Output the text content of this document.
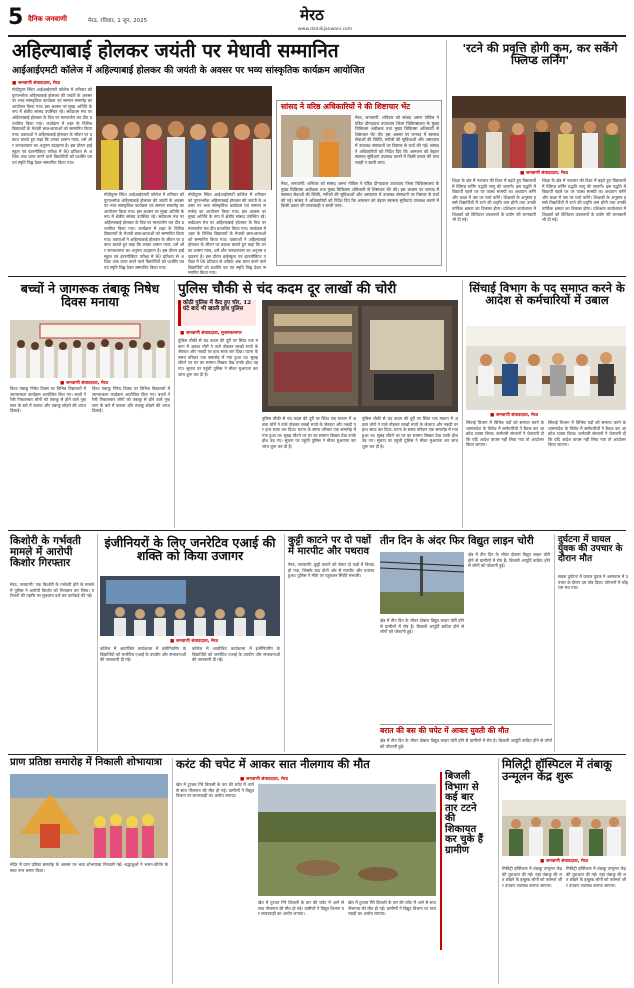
5 दैनिक जनवाणी	मेरठ, रविवार, 1 जून, 2025	मेरठ
www.dainikjanwani.com
अहिल्याबाई होलकर जयंती पर मेधावी सम्मानित
आईआईएमटी कॉलेज में अहिल्याबाई होलकर की जयंती के अवसर पर भव्य सांस्कृतिक कार्यक्रम आयोजित
■ जनवाणी संवाददाता, मेरठ
मोदीपुरम स्थित आईआईएमटी कॉलेज में शनिवार को पुण्यश्लोक अहिल्याबाई होलकर की जयंती के अवसर पर भव्य सांस्कृतिक कार्यक्रम एवं सम्मान समारोह का आयोजन किया गया। इस अवसर पर मुख्य अतिथि के रूप में क्षेत्रीय सांसद उपस्थित रहे। सर्वप्रथम मंच पर अहिल्याबाई होलकर के चित्र पर माल्यार्पण कर दीप प्रज्वलित किया गया। कार्यक्रम में शहर के विभिन्न विद्यालयों के मेधावी छात्र-छात्राओं को सम्मानित किया गया। वक्ताओं ने अहिल्याबाई होलकर के जीवन पर प्रकाश डालते हुए कहा कि उनका शासन न्याय, धर्म और जनकल्याण का अनुपम उदाहरण है। इस दौरान हाईस्कूल एवं इंटरमीडिएट परीक्षा में 90 प्रतिशत से अधिक अंक प्राप्त करने वाले विद्यार्थियों को प्रशस्ति पत्र एवं स्मृति चिह्न देकर सम्मानित किया गया।
मोदीपुरम स्थित आईआईएमटी कॉलेज में शनिवार को पुण्यश्लोक अहिल्याबाई होलकर की जयंती के अवसर पर भव्य सांस्कृतिक कार्यक्रम एवं सम्मान समारोह का आयोजन किया गया। इस अवसर पर मुख्य अतिथि के रूप में क्षेत्रीय सांसद उपस्थित रहे। सर्वप्रथम मंच पर अहिल्याबाई होलकर के चित्र पर माल्यार्पण कर दीप प्रज्वलित किया गया। कार्यक्रम में शहर के विभिन्न विद्यालयों के मेधावी छात्र-छात्राओं को सम्मानित किया गया। वक्ताओं ने अहिल्याबाई होलकर के जीवन पर प्रकाश डालते हुए कहा कि उनका शासन न्याय, धर्म और जनकल्याण का अनुपम उदाहरण है। इस दौरान हाईस्कूल एवं इंटरमीडिएट परीक्षा में 90 प्रतिशत से अधिक अंक प्राप्त करने वाले विद्यार्थियों को प्रशस्ति पत्र एवं स्मृति चिह्न देकर सम्मानित किया गया।
मोदीपुरम स्थित आईआईएमटी कॉलेज में शनिवार को पुण्यश्लोक अहिल्याबाई होलकर की जयंती के अवसर पर भव्य सांस्कृतिक कार्यक्रम एवं सम्मान समारोह का आयोजन किया गया। इस अवसर पर मुख्य अतिथि के रूप में क्षेत्रीय सांसद उपस्थित रहे। सर्वप्रथम मंच पर अहिल्याबाई होलकर के चित्र पर माल्यार्पण कर दीप प्रज्वलित किया गया। कार्यक्रम में शहर के विभिन्न विद्यालयों के मेधावी छात्र-छात्राओं को सम्मानित किया गया। वक्ताओं ने अहिल्याबाई होलकर के जीवन पर प्रकाश डालते हुए कहा कि उनका शासन न्याय, धर्म और जनकल्याण का अनुपम उदाहरण है। इस दौरान हाईस्कूल एवं इंटरमीडिएट परीक्षा में 90 प्रतिशत से अधिक अंक प्राप्त करने वाले विद्यार्थियों को प्रशस्ति पत्र एवं स्मृति चिह्न देकर सम्मानित किया गया।
सांसद ने वरिष्ठ अधिकारियों ने की शिष्टाचार भेंट
मेरठ, जनवाणी: शनिवार को सांसद अरुण गोविल ने पंडित दीनदयाल उपाध्याय जिला चिकित्सालय के मुख्य चिकित्सा अधीक्षक तथा मुख्य चिकित्सा अधिकारी से शिष्टाचार भेंट की। इस अवसर पर जनपद में स्वास्थ्य सेवाओं की स्थिति, मरीजों की सुविधाओं और अस्पताल में उपलब्ध संसाधनों पर विस्तार से चर्चा की गई। सांसद ने अधिकारियों को निर्देश दिए कि आमजन को बेहतर स्वास्थ्य सुविधाएं उपलब्ध कराने में किसी प्रकार की लापरवाही न बरती जाए।
मेरठ, जनवाणी: शनिवार को सांसद अरुण गोविल ने पंडित दीनदयाल उपाध्याय जिला चिकित्सालय के मुख्य चिकित्सा अधीक्षक तथा मुख्य चिकित्सा अधिकारी से शिष्टाचार भेंट की। इस अवसर पर जनपद में स्वास्थ्य सेवाओं की स्थिति, मरीजों की सुविधाओं और अस्पताल में उपलब्ध संसाधनों पर विस्तार से चर्चा की गई। सांसद ने अधिकारियों को निर्देश दिए कि आमजन को बेहतर स्वास्थ्य सुविधाएं उपलब्ध कराने में किसी प्रकार की लापरवाही न बरती जाए।
'रटने की प्रवृत्ति होगी कम, कर सकेंगे फ्लिप्ड लर्निंग'
■ जनवाणी संवाददाता, मेरठ
शिक्षा के क्षेत्र में नवाचार की दिशा में बढ़ते हुए विद्यालयों में फ्लिप्ड लर्निंग पद्धति लागू की जाएगी। इस पद्धति में विद्यार्थी पहले घर पर पाठ्य सामग्री का अध्ययन करेंगे और कक्षा में उस पर चर्चा करेंगे। शिक्षकों के अनुसार इससे विद्यार्थियों में रटने की प्रवृत्ति कम होगी तथा उनकी तार्किक क्षमता का विकास होगा। प्रशिक्षण कार्यशाला में शिक्षकों को डिजिटल उपकरणों के प्रयोग की जानकारी भी दी गई।
शिक्षा के क्षेत्र में नवाचार की दिशा में बढ़ते हुए विद्यालयों में फ्लिप्ड लर्निंग पद्धति लागू की जाएगी। इस पद्धति में विद्यार्थी पहले घर पर पाठ्य सामग्री का अध्ययन करेंगे और कक्षा में उस पर चर्चा करेंगे। शिक्षकों के अनुसार इससे विद्यार्थियों में रटने की प्रवृत्ति कम होगी तथा उनकी तार्किक क्षमता का विकास होगा। प्रशिक्षण कार्यशाला में शिक्षकों को डिजिटल उपकरणों के प्रयोग की जानकारी भी दी गई।
बच्चों ने जागरूक तंबाकू निषेध दिवस मनाया
■ जनवाणी संवाददाता, मेरठ
विश्व तंबाकू निषेध दिवस पर विभिन्न विद्यालयों में जागरूकता कार्यक्रम आयोजित किए गए। बच्चों ने रैली निकालकर लोगों को तंबाकू से होने वाले नुकसान के बारे में बताया और तंबाकू छोड़ने की शपथ दिलाई।
विश्व तंबाकू निषेध दिवस पर विभिन्न विद्यालयों में जागरूकता कार्यक्रम आयोजित किए गए। बच्चों ने रैली निकालकर लोगों को तंबाकू से होने वाले नुकसान के बारे में बताया और तंबाकू छोड़ने की शपथ दिलाई।
पुलिस चौकी से चंद कदम दूर लाखों की चोरी
कोठी पुलिस में कैद हुए चोर, 12 घंटे बाद भी खाली हाथ पुलिस
■ जनवाणी संवाददाता, मुजफ्फरनगर
पुलिस चौकी से चंद कदम की दूरी पर स्थित एक मकान में अज्ञात चोरों ने ताले तोड़कर लाखों रुपये के जेवरात और नकदी पर हाथ साफ कर दिया। घटना के समय परिवार एक समारोह में गया हुआ था। सुबह लौटने पर घर का सामान बिखरा देख उनके होश उड़ गए। सूचना पर पहुंची पुलिस ने मौका मुआयना कर जांच शुरू कर दी है।
पुलिस चौकी से चंद कदम की दूरी पर स्थित एक मकान में अज्ञात चोरों ने ताले तोड़कर लाखों रुपये के जेवरात और नकदी पर हाथ साफ कर दिया। घटना के समय परिवार एक समारोह में गया हुआ था। सुबह लौटने पर घर का सामान बिखरा देख उनके होश उड़ गए। सूचना पर पहुंची पुलिस ने मौका मुआयना कर जांच शुरू कर दी है।
पुलिस चौकी से चंद कदम की दूरी पर स्थित एक मकान में अज्ञात चोरों ने ताले तोड़कर लाखों रुपये के जेवरात और नकदी पर हाथ साफ कर दिया। घटना के समय परिवार एक समारोह में गया हुआ था। सुबह लौटने पर घर का सामान बिखरा देख उनके होश उड़ गए। सूचना पर पहुंची पुलिस ने मौका मुआयना कर जांच शुरू कर दी है।
सिंचाई विभाग के पद समाप्त करने के आदेश से कर्मचारियों में उबाल
■ जनवाणी संवाददाता, मेरठ
सिंचाई विभाग में विभिन्न पदों को समाप्त करने के शासनादेश के विरोध में कर्मचारियों ने बैठक कर आक्रोश व्यक्त किया। कर्मचारी संगठनों ने चेतावनी दी कि यदि आदेश वापस नहीं लिया गया तो आंदोलन किया जाएगा।
सिंचाई विभाग में विभिन्न पदों को समाप्त करने के शासनादेश के विरोध में कर्मचारियों ने बैठक कर आक्रोश व्यक्त किया। कर्मचारी संगठनों ने चेतावनी दी कि यदि आदेश वापस नहीं लिया गया तो आंदोलन किया जाएगा।
किशोरी के गर्भवती मामले में आरोपी किशोर गिरफ्तार
मेरठ, जनवाणी: एक किशोरी के गर्भवती होने के मामले में पुलिस ने आरोपी किशोर को गिरफ्तार कर लिया। परिजनों की तहरीर पर मुकदमा दर्ज कर कार्रवाई की गई।
इंजीनियरों के लिए जनरेटिव एआई की शक्ति को किया उजागर
■ जनवाणी संवाददाता, मेरठ
कॉलेज में आयोजित कार्यशाला में इंजीनियरिंग के विद्यार्थियों को जनरेटिव एआई के उपयोग और संभावनाओं की जानकारी दी गई।
कॉलेज में आयोजित कार्यशाला में इंजीनियरिंग के विद्यार्थियों को जनरेटिव एआई के उपयोग और संभावनाओं की जानकारी दी गई।
कुट्टी काटने पर दो पक्षों में मारपीट और पथराव
मेरठ, जनवाणी: कुट्टी काटने को लेकर दो पक्षों में विवाद हो गया, जिसके बाद दोनों ओर से मारपीट और पथराव हुआ। पुलिस ने मौके पर पहुंचकर स्थिति संभाली।
तीन दिन के अंदर फिर विद्युत लाइन चोरी
क्षेत्र में तीन दिन के भीतर दोबारा विद्युत लाइन चोरी होने से ग्रामीणों में रोष है। बिजली आपूर्ति बाधित होने से लोगों को परेशानी हुई।
क्षेत्र में तीन दिन के भीतर दोबारा विद्युत लाइन चोरी होने से ग्रामीणों में रोष है। बिजली आपूर्ति बाधित होने से लोगों को परेशानी हुई।
बरात की बस की चपेट में आकर युवती की मौत
क्षेत्र में तीन दिन के भीतर दोबारा विद्युत लाइन चोरी होने से ग्रामीणों में रोष है। बिजली आपूर्ति बाधित होने से लोगों को परेशानी हुई।
दुर्घटना में घायल युवक की उपचार के दौरान मौत
सड़क दुर्घटना में घायल युवक ने अस्पताल में उपचार के दौरान दम तोड़ दिया। परिजनों में कोहराम मच गया।
प्राण प्रतिष्ठा समारोह में निकाली शोभायात्रा
मंदिर में प्राण प्रतिष्ठा समारोह के अवसर पर भव्य शोभायात्रा निकाली गई। श्रद्धालुओं ने भजन-कीर्तन के साथ नगर भ्रमण किया।
करंट की चपेट में आकर सात नीलगाय की मौत
■ जनवाणी संवाददाता, मेरठ
खेत में टूटकर गिरे बिजली के तार की चपेट में आने से सात नीलगाय की मौत हो गई। ग्रामीणों ने विद्युत विभाग पर लापरवाही का आरोप लगाया।
खेत में टूटकर गिरे बिजली के तार की चपेट में आने से सात नीलगाय की मौत हो गई। ग्रामीणों ने विद्युत विभाग पर लापरवाही का आरोप लगाया।
खेत में टूटकर गिरे बिजली के तार की चपेट में आने से सात नीलगाय की मौत हो गई। ग्रामीणों ने विद्युत विभाग पर लापरवाही का आरोप लगाया।
बिजली
विभाग से
कई बार
तार टटने
की
शिकायत
कर चुके हैं
ग्रामीण
मिलिट्री हॉस्पिटल में तंबाकू उन्मूलन केंद्र शुरू
■ जनवाणी संवाददाता, मेरठ
मिलिट्री हॉस्पिटल में तंबाकू उन्मूलन केंद्र की शुरुआत की गई। यहां तंबाकू की लत छोड़ने के इच्छुक लोगों को परामर्श और उपचार उपलब्ध कराया जाएगा।
मिलिट्री हॉस्पिटल में तंबाकू उन्मूलन केंद्र की शुरुआत की गई। यहां तंबाकू की लत छोड़ने के इच्छुक लोगों को परामर्श और उपचार उपलब्ध कराया जाएगा।
